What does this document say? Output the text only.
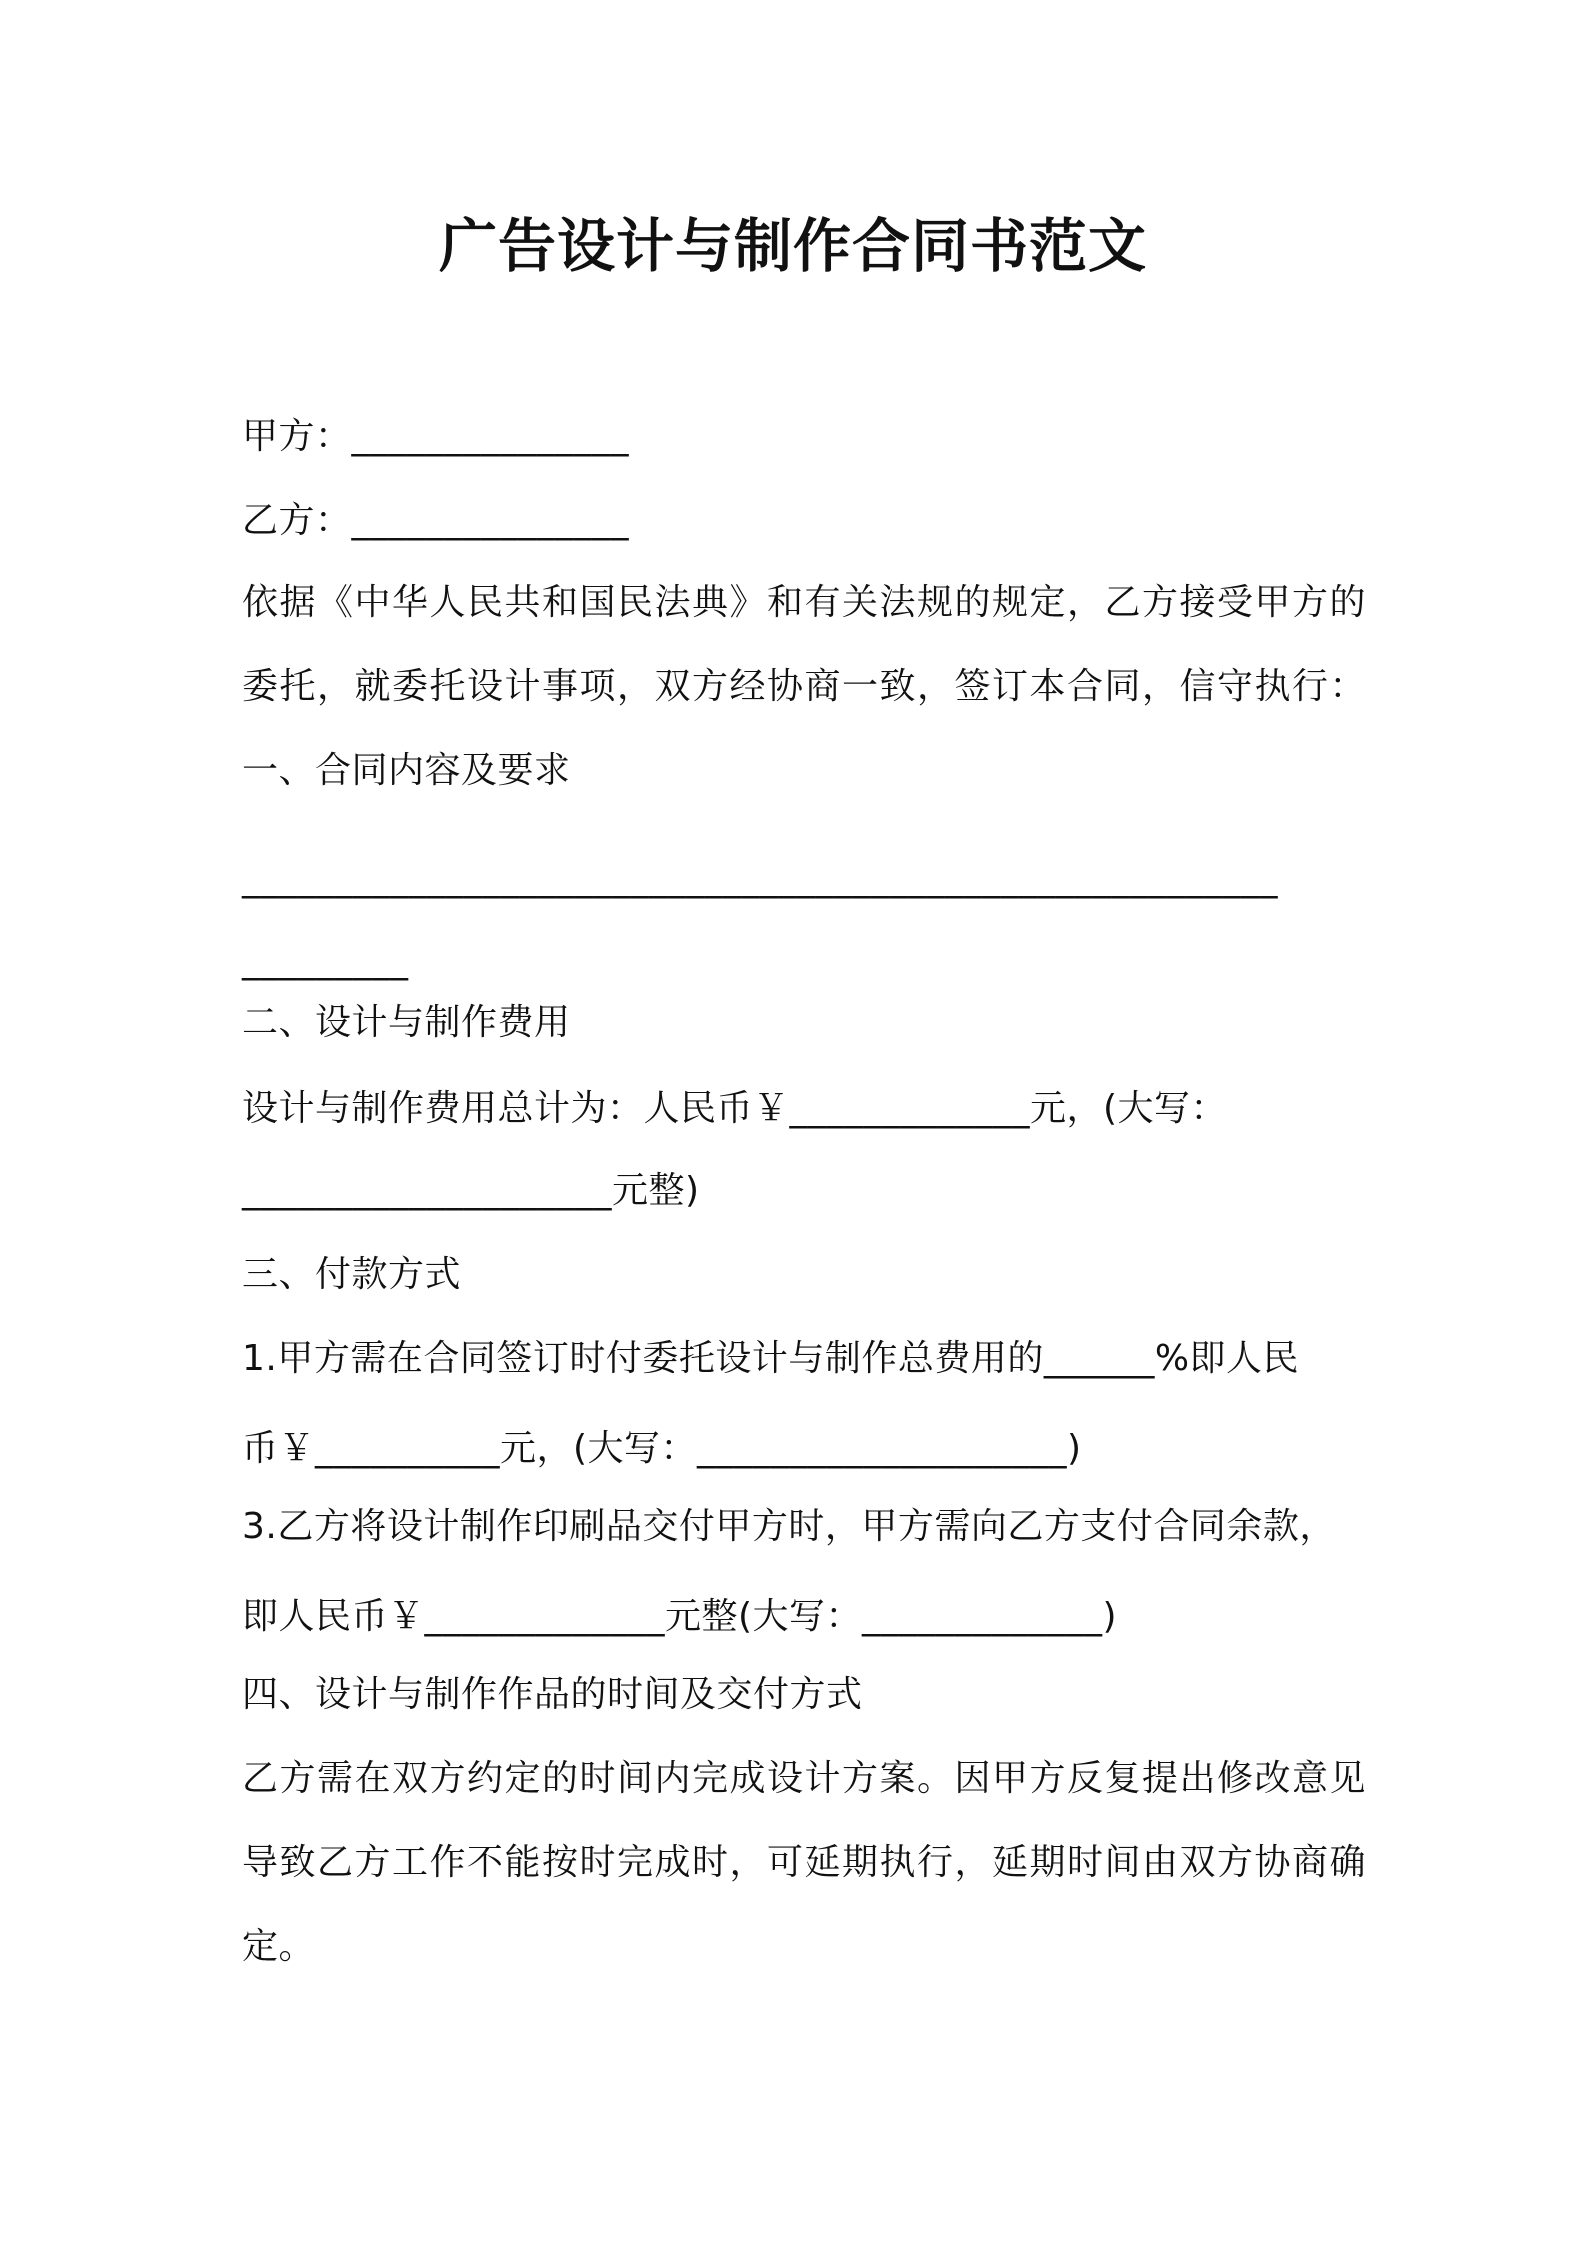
广告设计与制作合同书范文
甲方：_______________
乙方：_______________
依据《中华人民共和国民法典》和有关法规的规定，乙方接受甲方的
委托，就委托设计事项，双方经协商一致，签订本合同，信守执行：
一、合同内容及要求
________________________________________________________
_________
二、设计与制作费用
设计与制作费用总计为：人民币￥_____________元，(大写：
____________________元整)
三、付款方式
1.甲方需在合同签订时付委托设计与制作总费用的______%即人民
币￥__________元，(大写：____________________)
3.乙方将设计制作印刷品交付甲方时，甲方需向乙方支付合同余款，
即人民币￥_____________元整(大写：_____________)
四、设计与制作作品的时间及交付方式
乙方需在双方约定的时间内完成设计方案。因甲方反复提出修改意见
导致乙方工作不能按时完成时，可延期执行，延期时间由双方协商确
定。
